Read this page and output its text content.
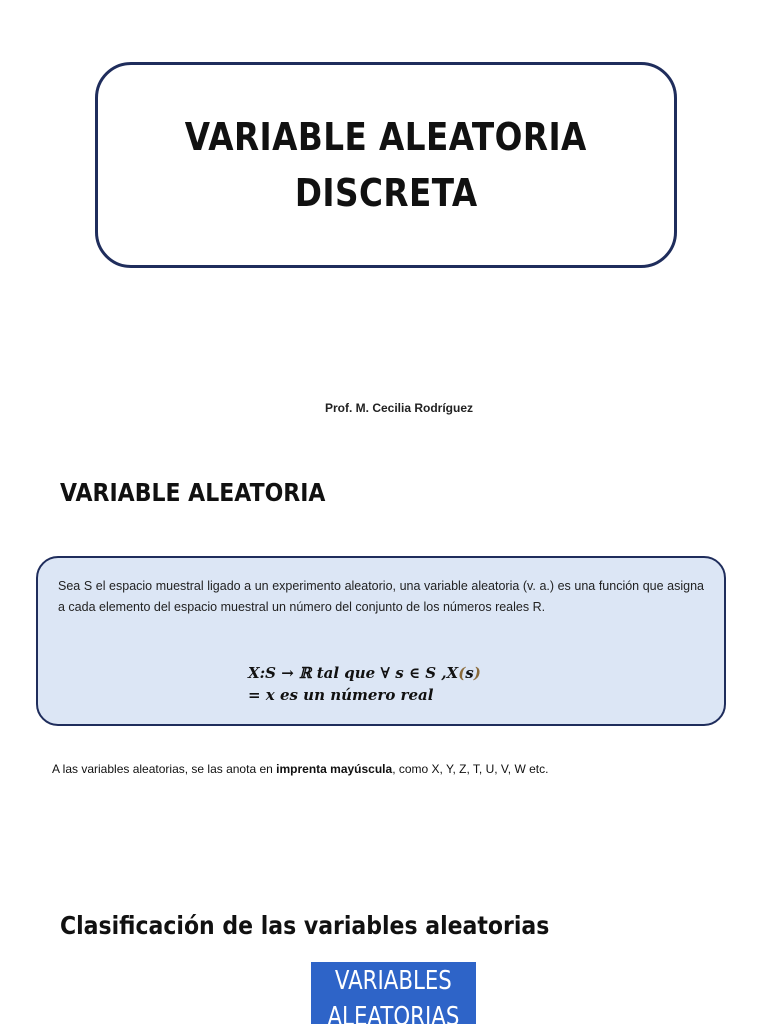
VARIABLE ALEATORIA
DISCRETA
Prof. M. Cecilia Rodríguez
VARIABLE ALEATORIA
Sea S el espacio muestral ligado a un experimento aleatorio, una variable aleatoria (v. a.) es una función que asigna a cada elemento del espacio muestral un número del conjunto de los números reales R.
X:S → ℝ tal que ∀ s ∈ S ,X(s)
= x es un número real
A las variables aleatorias, se las anota en imprenta mayúscula, como X, Y, Z, T, U, V, W etc.
Clasificación de las variables aleatorias
VARIABLES
ALEATORIAS
